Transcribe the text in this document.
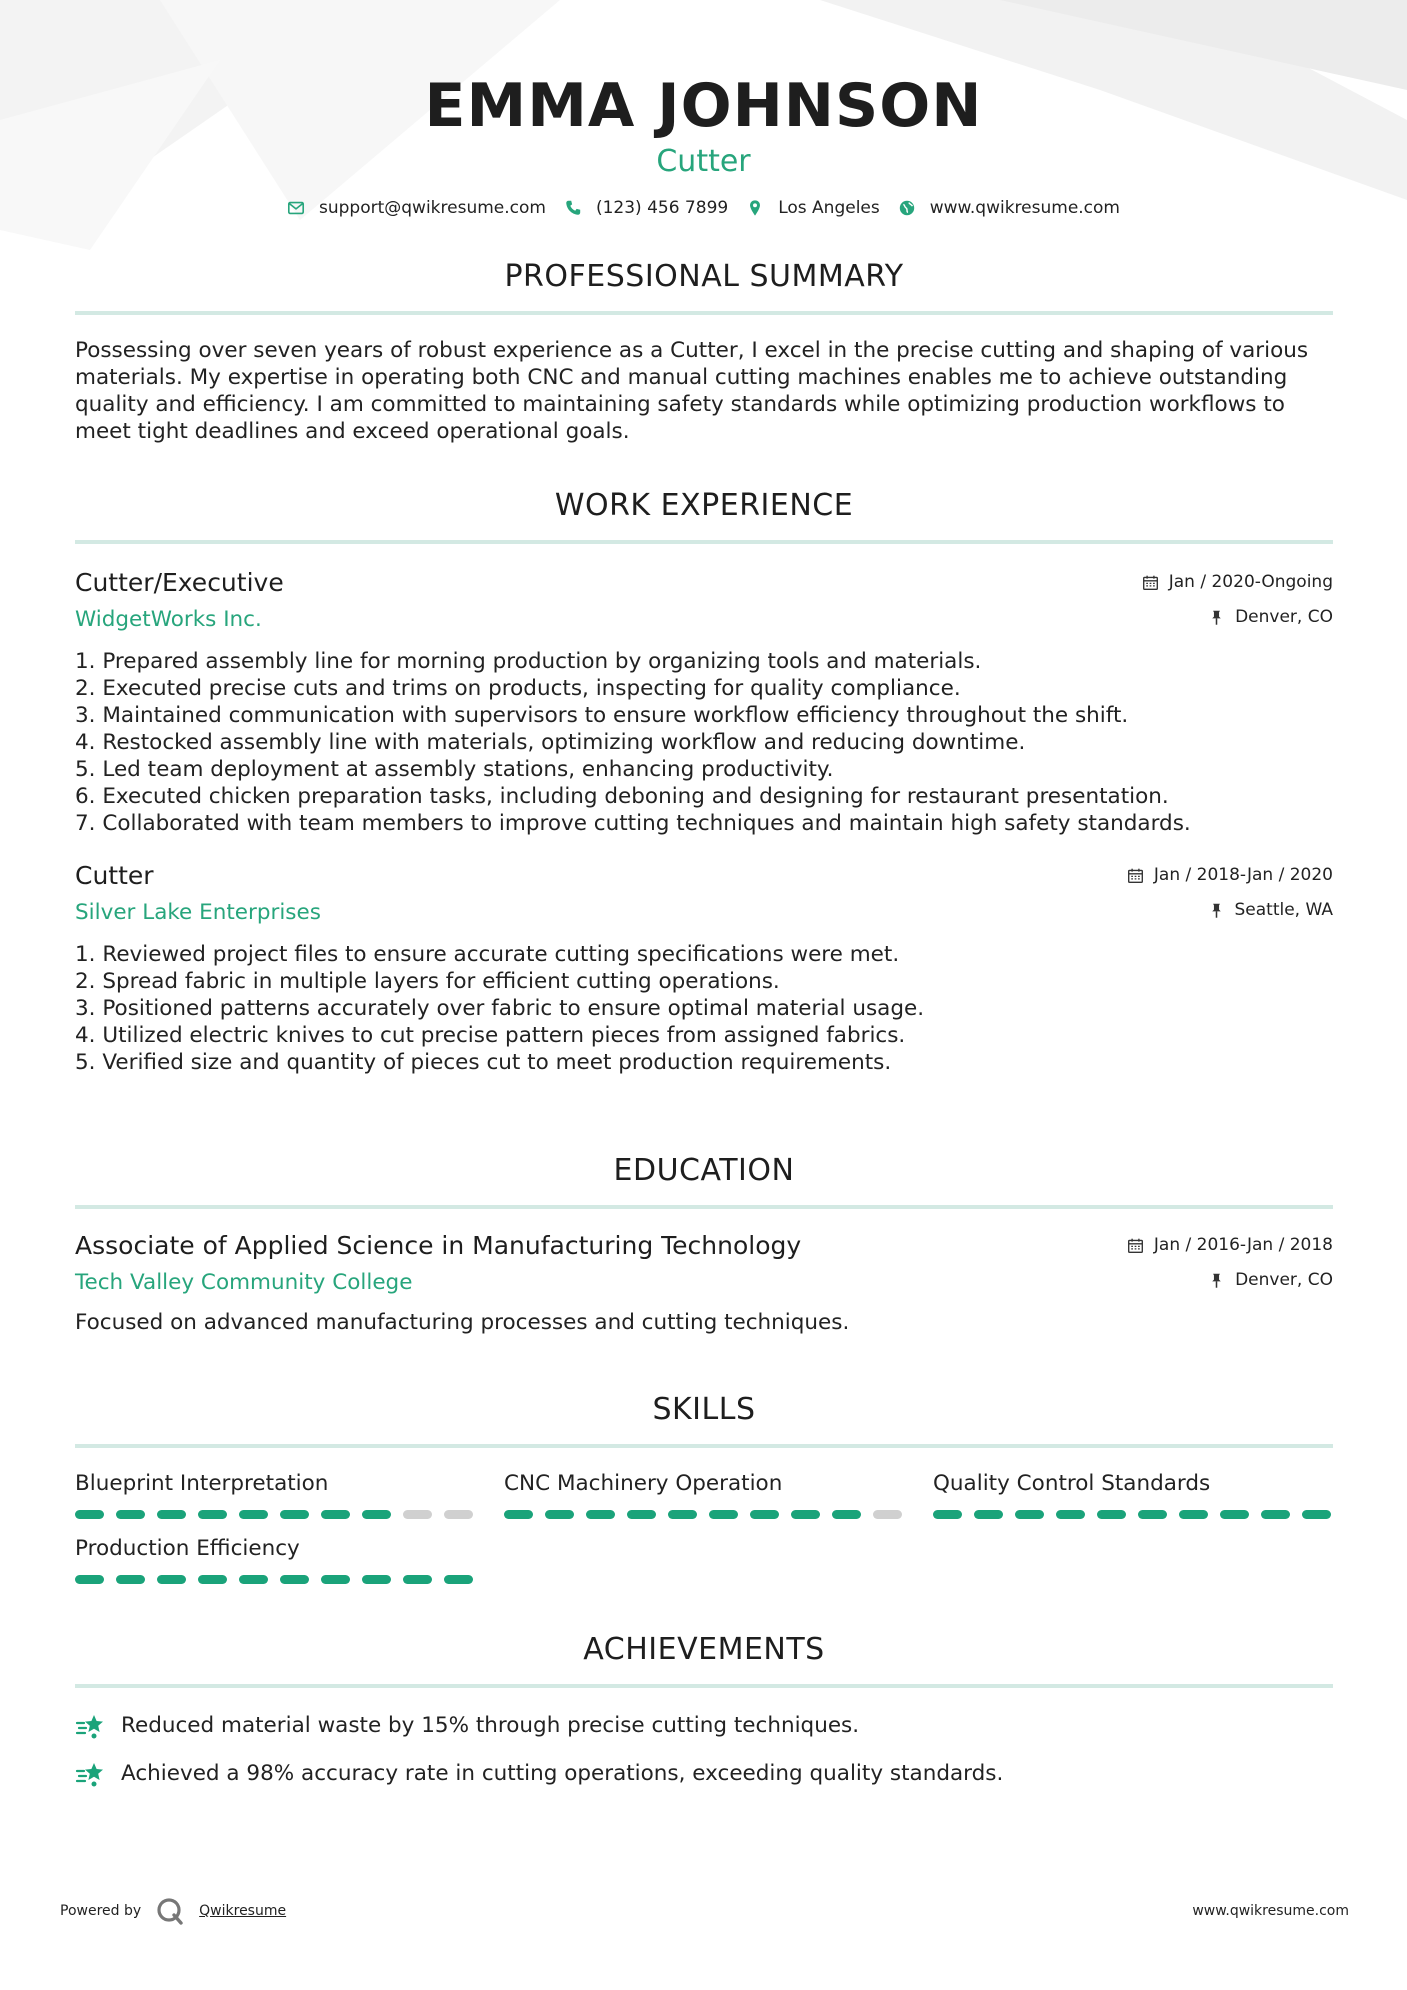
EMMA JOHNSON
Cutter
support@qwikresume.com	(123) 456 7899	Los Angeles	www.qwikresume.com
PROFESSIONAL SUMMARY
Possessing over seven years of robust experience as a Cutter, I excel in the precise cutting and shaping of various materials. My expertise in operating both CNC and manual cutting machines enables me to achieve outstanding quality and efficiency. I am committed to maintaining safety standards while optimizing production workflows to meet tight deadlines and exceed operational goals.
WORK EXPERIENCE
Cutter/Executive
WidgetWorks Inc.
Jan / 2020-Ongoing
Denver, CO
1. Prepared assembly line for morning production by organizing tools and materials.
2. Executed precise cuts and trims on products, inspecting for quality compliance.
3. Maintained communication with supervisors to ensure workflow efficiency throughout the shift.
4. Restocked assembly line with materials, optimizing workflow and reducing downtime.
5. Led team deployment at assembly stations, enhancing productivity.
6. Executed chicken preparation tasks, including deboning and designing for restaurant presentation.
7. Collaborated with team members to improve cutting techniques and maintain high safety standards.
Cutter
Silver Lake Enterprises
Jan / 2018-Jan / 2020
Seattle, WA
1. Reviewed project files to ensure accurate cutting specifications were met.
2. Spread fabric in multiple layers for efficient cutting operations.
3. Positioned patterns accurately over fabric to ensure optimal material usage.
4. Utilized electric knives to cut precise pattern pieces from assigned fabrics.
5. Verified size and quantity of pieces cut to meet production requirements.
EDUCATION
Associate of Applied Science in Manufacturing Technology
Tech Valley Community College
Jan / 2016-Jan / 2018
Denver, CO
Focused on advanced manufacturing processes and cutting techniques.
SKILLS
Blueprint Interpretation	CNC Machinery Operation	Quality Control Standards
Production Efficiency
ACHIEVEMENTS
Reduced material waste by 15% through precise cutting techniques.
Achieved a 98% accuracy rate in cutting operations, exceeding quality standards.
Powered by	Qwikresume	www.qwikresume.com
